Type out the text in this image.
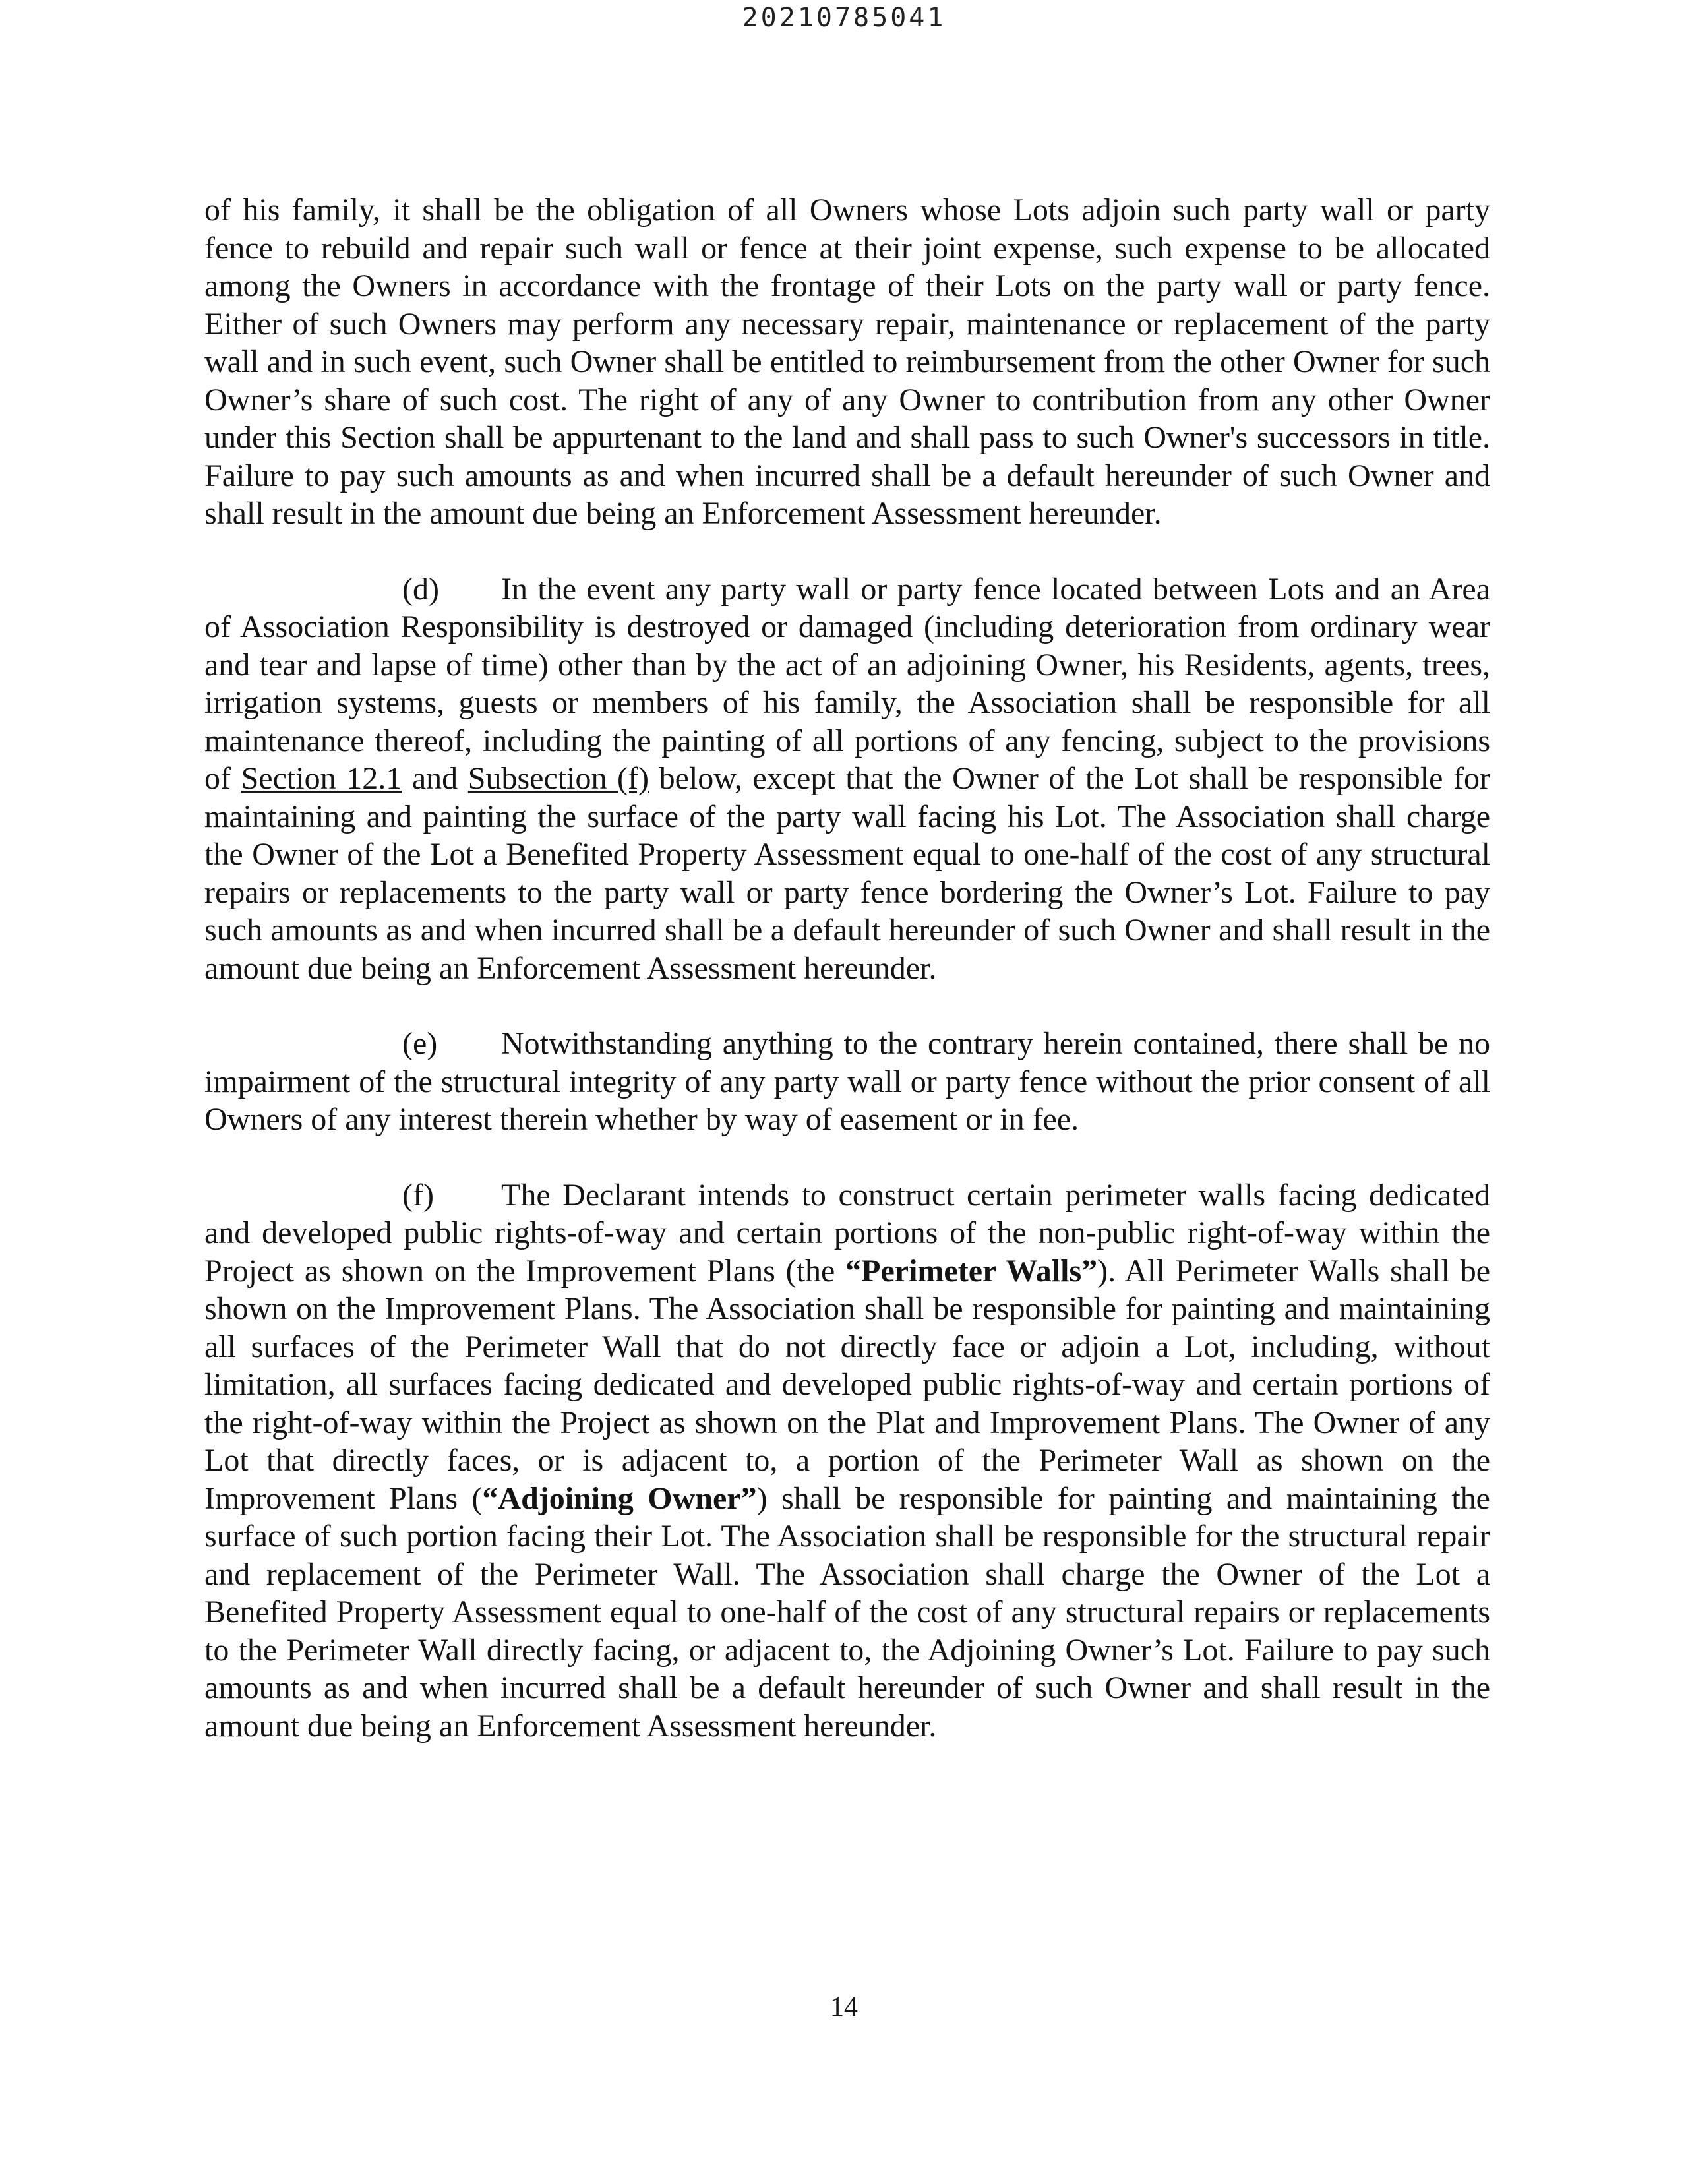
20210785041

of his family, it shall be the obligation of all Owners whose Lots adjoin such party wall or party fence to rebuild and repair such wall or fence at their joint expense, such expense to be allocated among the Owners in accordance with the frontage of their Lots on the party wall or party fence. Either of such Owners may perform any necessary repair, maintenance or replacement of the party wall and in such event, such Owner shall be entitled to reimbursement from the other Owner for such Owner’s share of such cost. The right of any of any Owner to contribution from any other Owner under this Section shall be appurtenant to the land and shall pass to such Owner's successors in title. Failure to pay such amounts as and when incurred shall be a default hereunder of such Owner and shall result in the amount due being an Enforcement Assessment hereunder.

(d) In the event any party wall or party fence located between Lots and an Area of Association Responsibility is destroyed or damaged (including deterioration from ordinary wear and tear and lapse of time) other than by the act of an adjoining Owner, his Residents, agents, trees, irrigation systems, guests or members of his family, the Association shall be responsible for all maintenance thereof, including the painting of all portions of any fencing, subject to the provisions of Section 12.1 and Subsection (f) below, except that the Owner of the Lot shall be responsible for maintaining and painting the surface of the party wall facing his Lot. The Association shall charge the Owner of the Lot a Benefited Property Assessment equal to one-half of the cost of any structural repairs or replacements to the party wall or party fence bordering the Owner’s Lot. Failure to pay such amounts as and when incurred shall be a default hereunder of such Owner and shall result in the amount due being an Enforcement Assessment hereunder.

(e) Notwithstanding anything to the contrary herein contained, there shall be no impairment of the structural integrity of any party wall or party fence without the prior consent of all Owners of any interest therein whether by way of easement or in fee.

(f) The Declarant intends to construct certain perimeter walls facing dedicated and developed public rights-of-way and certain portions of the non-public right-of-way within the Project as shown on the Improvement Plans (the “Perimeter Walls”). All Perimeter Walls shall be shown on the Improvement Plans. The Association shall be responsible for painting and maintaining all surfaces of the Perimeter Wall that do not directly face or adjoin a Lot, including, without limitation, all surfaces facing dedicated and developed public rights-of-way and certain portions of the right-of-way within the Project as shown on the Plat and Improvement Plans. The Owner of any Lot that directly faces, or is adjacent to, a portion of the Perimeter Wall as shown on the Improvement Plans (“Adjoining Owner”) shall be responsible for painting and maintaining the surface of such portion facing their Lot. The Association shall be responsible for the structural repair and replacement of the Perimeter Wall. The Association shall charge the Owner of the Lot a Benefited Property Assessment equal to one-half of the cost of any structural repairs or replacements to the Perimeter Wall directly facing, or adjacent to, the Adjoining Owner’s Lot. Failure to pay such amounts as and when incurred shall be a default hereunder of such Owner and shall result in the amount due being an Enforcement Assessment hereunder.

14
